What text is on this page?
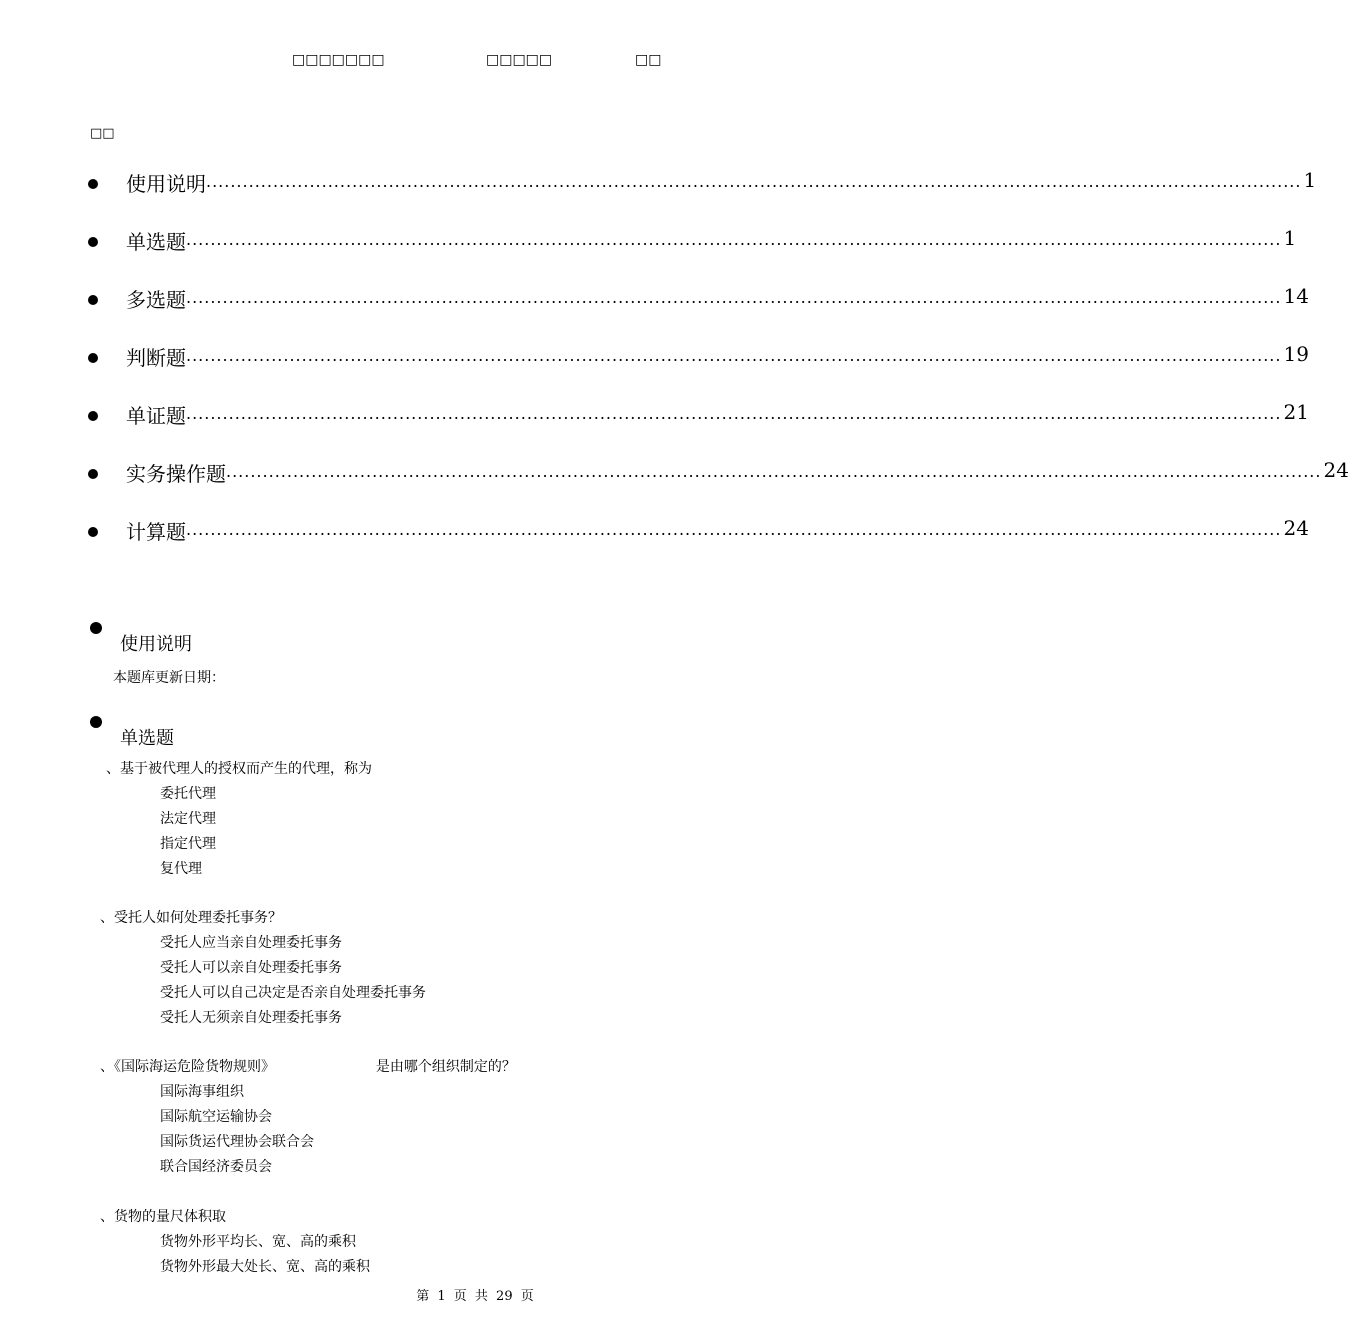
□□□□□□□	□□□□□	□□
□□
使用说明 .................................................................................................................................................................................... 1
单选题 .................................................................................................................................................................................... 1
多选题 .................................................................................................................................................................................... 14
判断题 .................................................................................................................................................................................... 19
单证题 .................................................................................................................................................................................... 21
实务操作题 .................................................................................................................................................................................... 24
计算题 .................................................................................................................................................................................... 24
使用说明
本题库更新日期：
单选题
、基于被代理人的授权而产生的代理，称为
委托代理
法定代理
指定代理
复代理
、受托人如何处理委托事务？
受托人应当亲自处理委托事务
受托人可以亲自处理委托事务
受托人可以自己决定是否亲自处理委托事务
受托人无须亲自处理委托事务
、《国际海运危险货物规则》	是由哪个组织制定的？
国际海事组织
国际航空运输协会
国际货运代理协会联合会
联合国经济委员会
、货物的量尺体积取
货物外形平均长、宽、高的乘积
货物外形最大处长、宽、高的乘积
第 1 页 共 29 页
